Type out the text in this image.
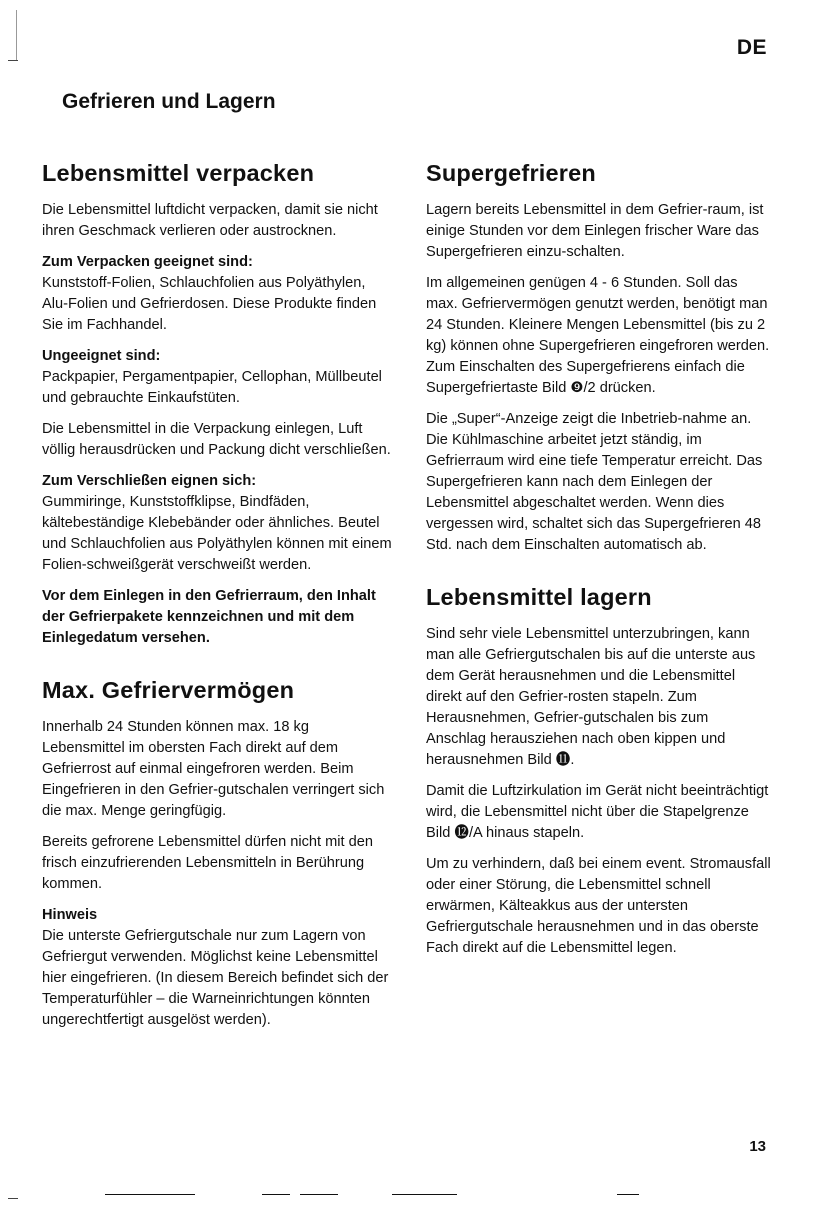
DE
Gefrieren und Lagern
Lebensmittel verpacken

Die Lebensmittel luftdicht verpacken, damit sie nicht ihren Geschmack verlieren oder austrocknen.

Zum Verpacken geeignet sind:
Kunststoff-Folien, Schlauchfolien aus Polyäthylen, Alu-Folien und Gefrierdosen. Diese Produkte finden Sie im Fachhandel.

Ungeeignet sind:
Packpapier, Pergamentpapier, Cellophan, Müllbeutel und gebrauchte Einkaufstüten.

Die Lebensmittel in die Verpackung einlegen, Luft völlig herausdrücken und Packung dicht verschließen.

Zum Verschließen eignen sich:
Gummiringe, Kunststoffklipse, Bindfäden, kältebeständige Klebebänder oder ähnliches. Beutel und Schlauchfolien aus Polyäthylen können mit einem Folien-schweißgerät verschweißt werden.

Vor dem Einlegen in den Gefrierraum, den Inhalt der Gefrierpakete kennzeichnen und mit dem Einlegedatum versehen.

Max. Gefriervermögen

Innerhalb 24 Stunden können max. 18 kg Lebensmittel im obersten Fach direkt auf dem Gefrierrost auf einmal eingefroren werden. Beim Eingefrieren in den Gefrier-gutschalen verringert sich die max. Menge geringfügig.

Bereits gefrorene Lebensmittel dürfen nicht mit den frisch einzufrierenden Lebensmitteln in Berührung kommen.

Hinweis
Die unterste Gefriergutschale nur zum Lagern von Gefriergut verwenden. Möglichst keine Lebensmittel hier eingefrieren. (In diesem Bereich befindet sich der Temperaturfühler – die Warneinrichtungen könnten ungerechtfertigt ausgelöst werden).

Supergefrieren

Lagern bereits Lebensmittel in dem Gefrier-raum, ist einige Stunden vor dem Einlegen frischer Ware das Supergefrieren einzu-schalten.

Im allgemeinen genügen 4 - 6 Stunden. Soll das max. Gefriervermögen genutzt werden, benötigt man 24 Stunden. Kleinere Mengen Lebensmittel (bis zu 2 kg) können ohne Supergefrieren eingefroren werden. Zum Einschalten des Supergefrierens einfach die Supergefriertaste Bild ❾/2 drücken.

Die „Super“-Anzeige zeigt die Inbetrieb-nahme an. Die Kühlmaschine arbeitet jetzt ständig, im Gefrierraum wird eine tiefe Temperatur erreicht. Das Supergefrieren kann nach dem Einlegen der Lebensmittel abgeschaltet werden. Wenn dies vergessen wird, schaltet sich das Supergefrieren 48 Std. nach dem Einschalten automatisch ab.

Lebensmittel lagern

Sind sehr viele Lebensmittel unterzubringen, kann man alle Gefriergutschalen bis auf die unterste aus dem Gerät herausnehmen und die Lebensmittel direkt auf den Gefrier-rosten stapeln. Zum Herausnehmen, Gefrier-gutschalen bis zum Anschlag herausziehen nach oben kippen und herausnehmen Bild ⓫.

Damit die Luftzirkulation im Gerät nicht beeinträchtigt wird, die Lebensmittel nicht über die Stapelgrenze Bild ⓬/A hinaus stapeln.

Um zu verhindern, daß bei einem event. Stromausfall oder einer Störung, die Lebensmittel schnell erwärmen, Kälteakkus aus der untersten Gefriergutschale herausnehmen und in das oberste Fach direkt auf die Lebensmittel legen.

13
